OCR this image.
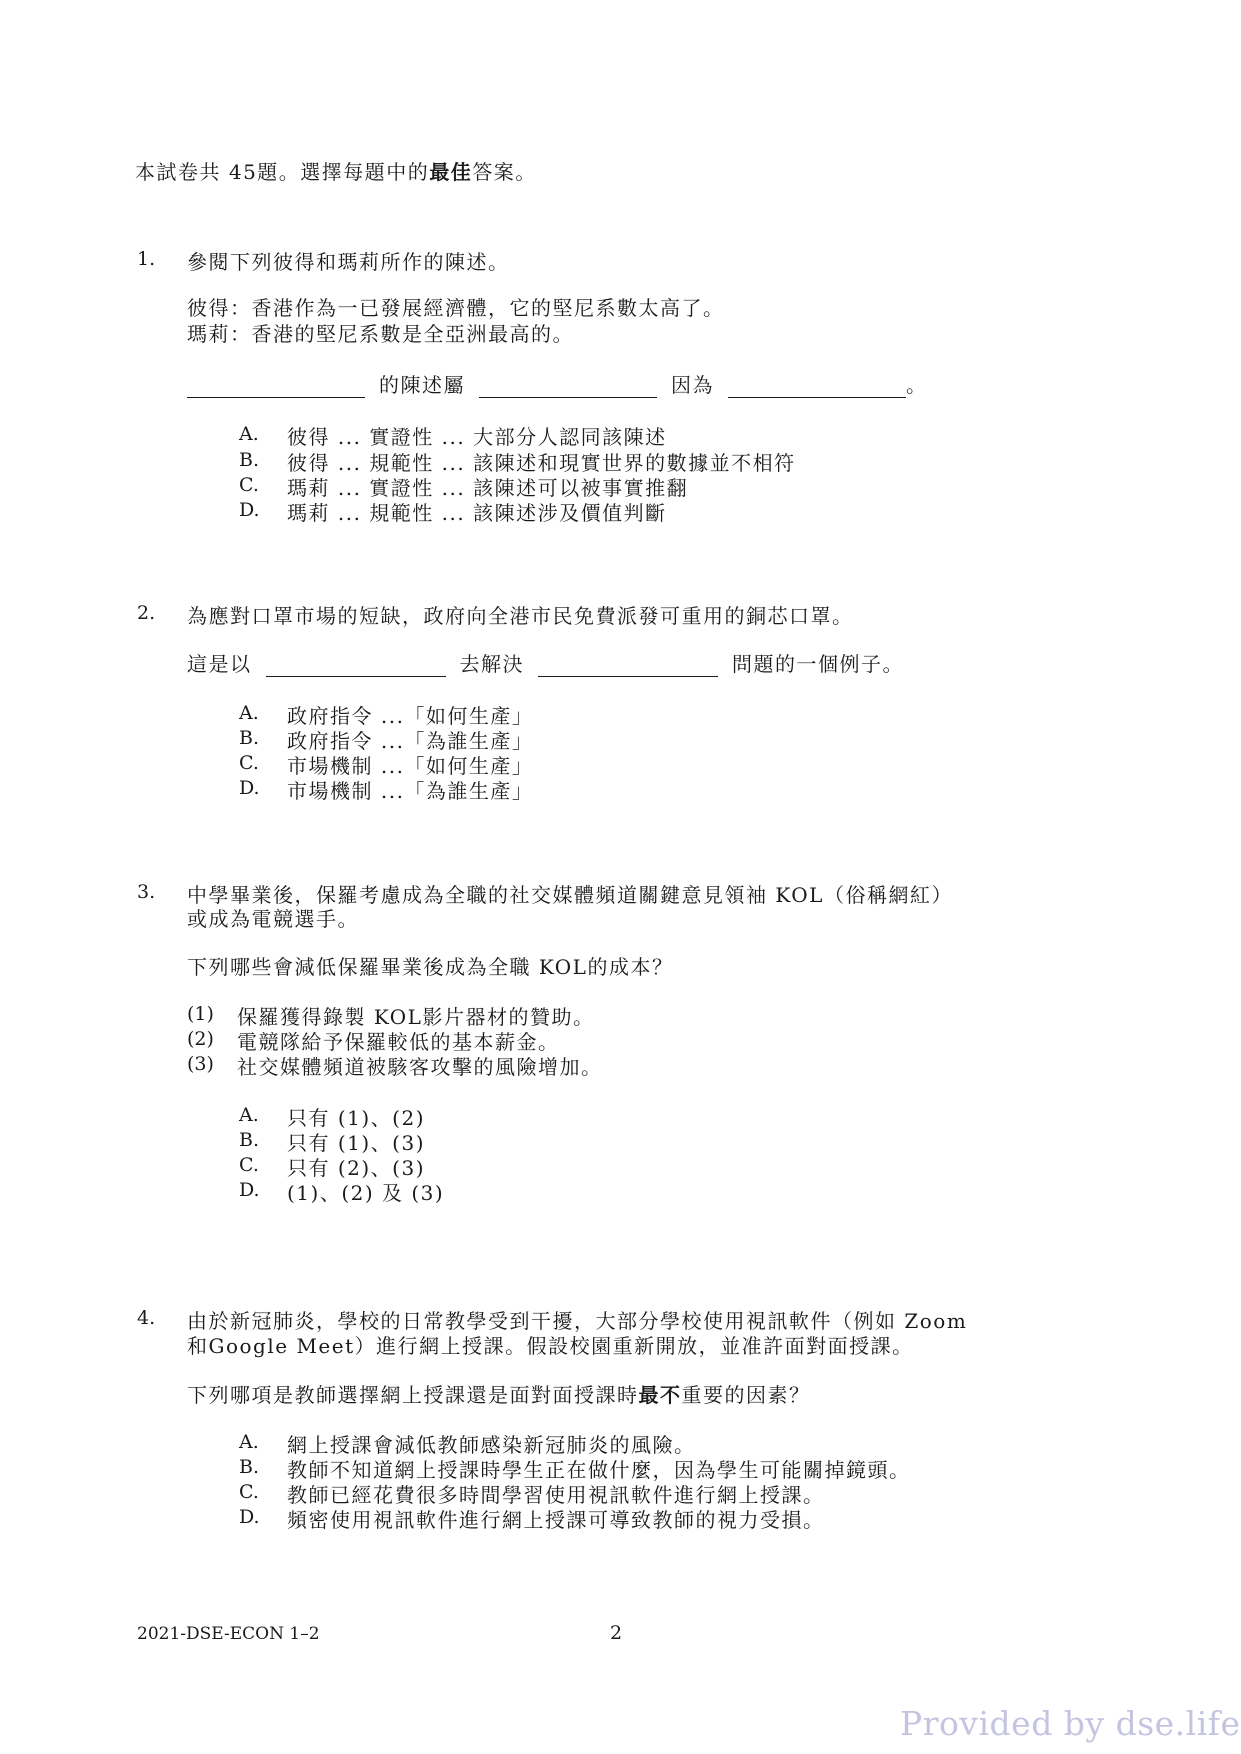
本試卷共 45題。選擇每題中的最佳答案。
1. 參閱下列彼得和瑪莉所作的陳述。
彼得：香港作為一已發展經濟體，它的堅尼系數太高了。
瑪莉：香港的堅尼系數是全亞洲最高的。
的陳述屬	因為	。
A. 彼得 ... 實證性 ... 大部分人認同該陳述
B. 彼得 ... 規範性 ... 該陳述和現實世界的數據並不相符
C. 瑪莉 ... 實證性 ... 該陳述可以被事實推翻
D. 瑪莉 ... 規範性 ... 該陳述涉及價值判斷
2. 為應對口罩市場的短缺，政府向全港市民免費派發可重用的銅芯口罩。
這是以	去解決	問題的一個例子。
A. 政府指令 ...「如何生產」
B. 政府指令 ...「為誰生產」
C. 市場機制 ...「如何生產」
D. 市場機制 ...「為誰生產」
3. 中學畢業後，保羅考慮成為全職的社交媒體頻道關鍵意見領袖 KOL（俗稱網紅）
或成為電競選手。
下列哪些會減低保羅畢業後成為全職 KOL的成本？
(1) 保羅獲得錄製 KOL影片器材的贊助。
(2) 電競隊給予保羅較低的基本薪金。
(3) 社交媒體頻道被駭客攻擊的風險增加。
A. 只有 (1)、(2)
B. 只有 (1)、(3)
C. 只有 (2)、(3)
D. (1)、(2) 及 (3)
4. 由於新冠肺炎，學校的日常教學受到干擾，大部分學校使用視訊軟件（例如 Zoom
和Google Meet）進行網上授課。假設校園重新開放，並准許面對面授課。
下列哪項是教師選擇網上授課還是面對面授課時最不重要的因素？
A. 網上授課會減低教師感染新冠肺炎的風險。
B. 教師不知道網上授課時學生正在做什麼，因為學生可能關掉鏡頭。
C. 教師已經花費很多時間學習使用視訊軟件進行網上授課。
D. 頻密使用視訊軟件進行網上授課可導致教師的視力受損。
2021-DSE-ECON 1–2	2
Provided by dse.life
